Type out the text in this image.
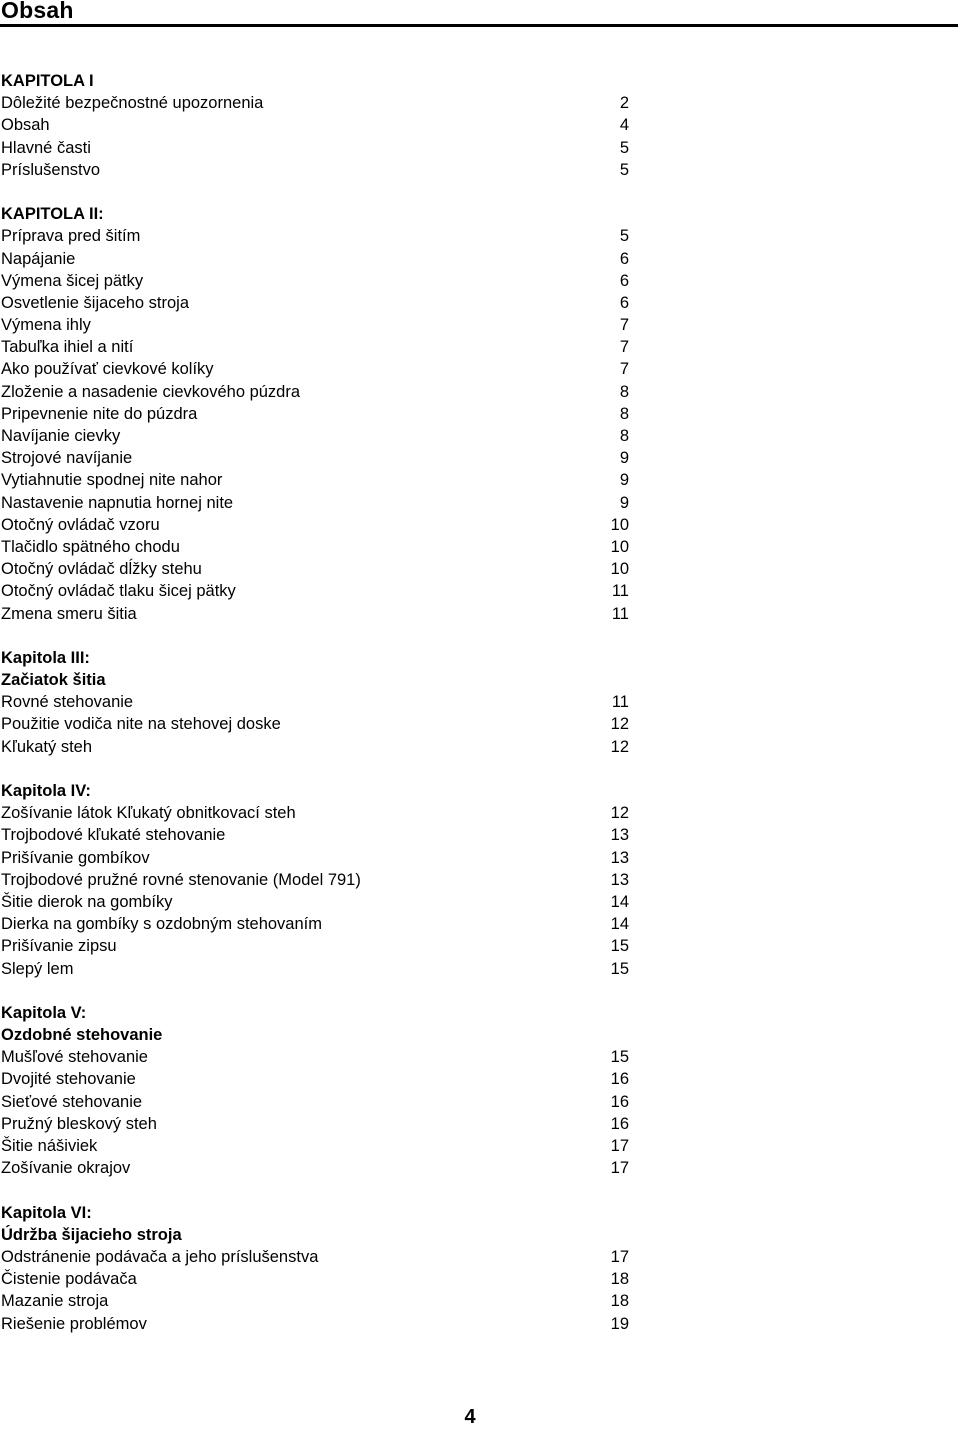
Obsah
KAPITOLA I
Dôležité bezpečnostné upozornenia	2
Obsah	4
Hlavné časti	5
Príslušenstvo	5
KAPITOLA II:
Príprava pred šitím	5
Napájanie	6
Výmena šicej pätky	6
Osvetlenie šijaceho stroja	6
Výmena ihly	7
Tabuľka ihiel a nití	7
Ako používať cievkové kolíky	7
Zloženie a nasadenie cievkového púzdra	8
Pripevnenie nite do púzdra	8
Navíjanie cievky	8
Strojové navíjanie	9
Vytiahnutie spodnej nite nahor	9
Nastavenie napnutia hornej nite	9
Otočný ovládač vzoru	10
Tlačidlo spätného chodu	10
Otočný ovládač dĺžky stehu	10
Otočný ovládač tlaku šicej pätky	11
Zmena smeru šitia	11
Kapitola III:
Začiatok šitia
Rovné stehovanie	11
Použitie vodiča nite na stehovej doske	12
Kľukatý steh	12
Kapitola IV:
Zošívanie látok Kľukatý obnitkovací steh	12
Trojbodové kľukaté stehovanie	13
Prišívanie gombíkov	13
Trojbodové pružné rovné stenovanie (Model 791)	13
Šitie dierok na gombíky	14
Dierka na gombíky s ozdobným stehovaním	14
Prišívanie zipsu	15
Slepý lem	15
Kapitola V:
Ozdobné stehovanie
Mušľové stehovanie	15
Dvojité stehovanie	16
Sieťové stehovanie	16
Pružný bleskový steh	16
Šitie nášiviek	17
Zošívanie okrajov	17
Kapitola VI:
Údržba šijacieho stroja
Odstránenie podávača a jeho príslušenstva	17
Čistenie podávača	18
Mazanie stroja	18
Riešenie problémov	19
4
